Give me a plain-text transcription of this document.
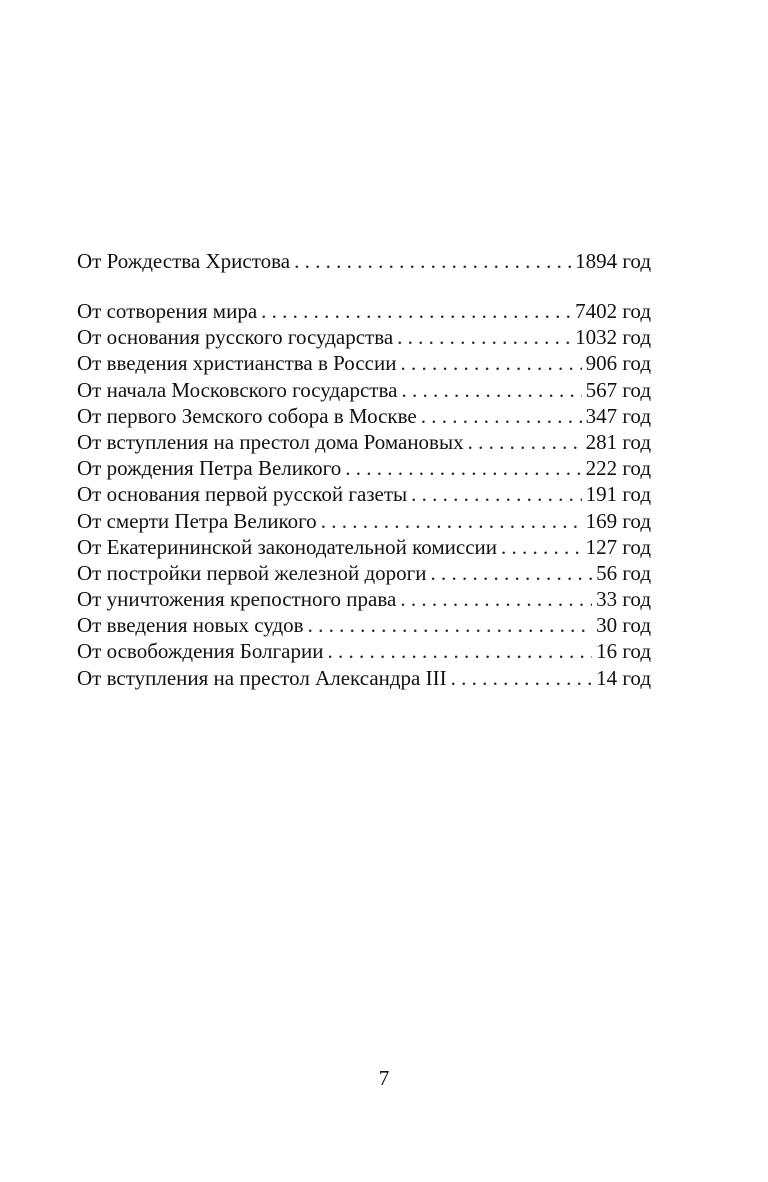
От Рождества Христова . . .	1894 год
От сотворения мира . . .	7402 год
От основания русского государства . . .	1032 год
От введения христианства в России . . .	906 год
От начала Московского государства . . .	567 год
От первого Земского собора в Москве . . .	347 год
От вступления на престол дома Романовых . . .	281 год
От рождения Петра Великого . . .	222 год
От основания первой русской газеты . . .	191 год
От смерти Петра Великого . . .	169 год
От Екатерининской законодательной комиссии . . .	127 год
От постройки первой железной дороги . . .	56 год
От уничтожения крепостного права . . .	33 год
От введения новых судов . . .	30 год
От освобождения Болгарии . . .	16 год
От вступления на престол Александра III . . .	14 год
7
